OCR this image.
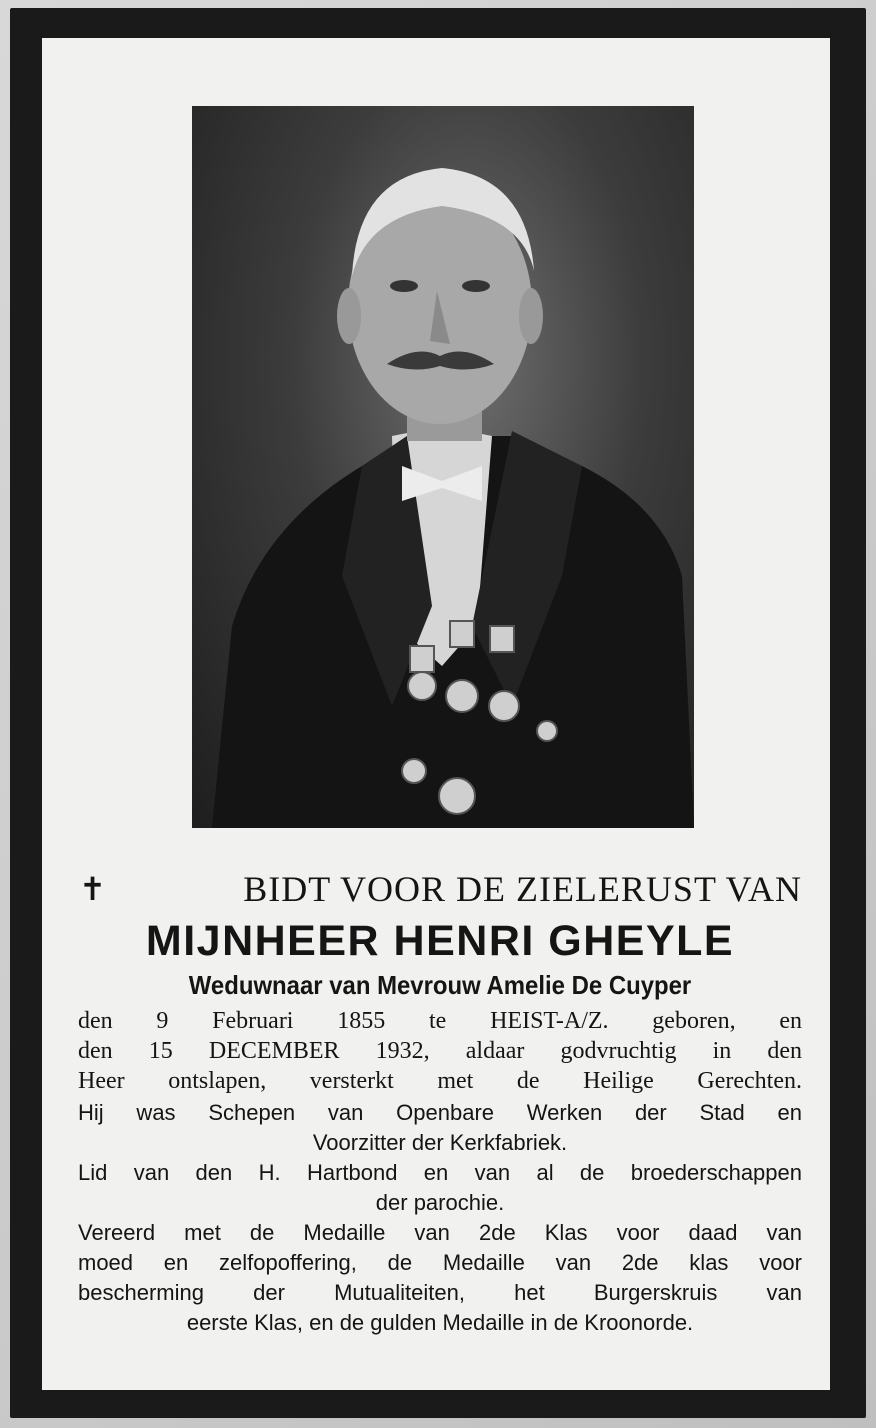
✝	BIDT VOOR DE ZIELERUST VAN
MIJNHEER HENRI GHEYLE
Weduwnaar van Mevrouw Amelie De Cuyper
den 9 Februari 1855 te HEIST-A/Z. geboren, en
den 15 DECEMBER 1932, aldaar godvruchtig in den
Heer ontslapen, versterkt met de Heilige Gerechten.
Hij was Schepen van Openbare Werken der Stad en
Voorzitter der Kerkfabriek.
Lid van den H. Hartbond en van al de broederschappen
der parochie.
Vereerd met de Medaille van 2de Klas voor daad van
moed en zelfopoffering, de Medaille van 2de klas voor
bescherming der Mutualiteiten, het Burgerskruis van
eerste Klas, en de gulden Medaille in de Kroonorde.
